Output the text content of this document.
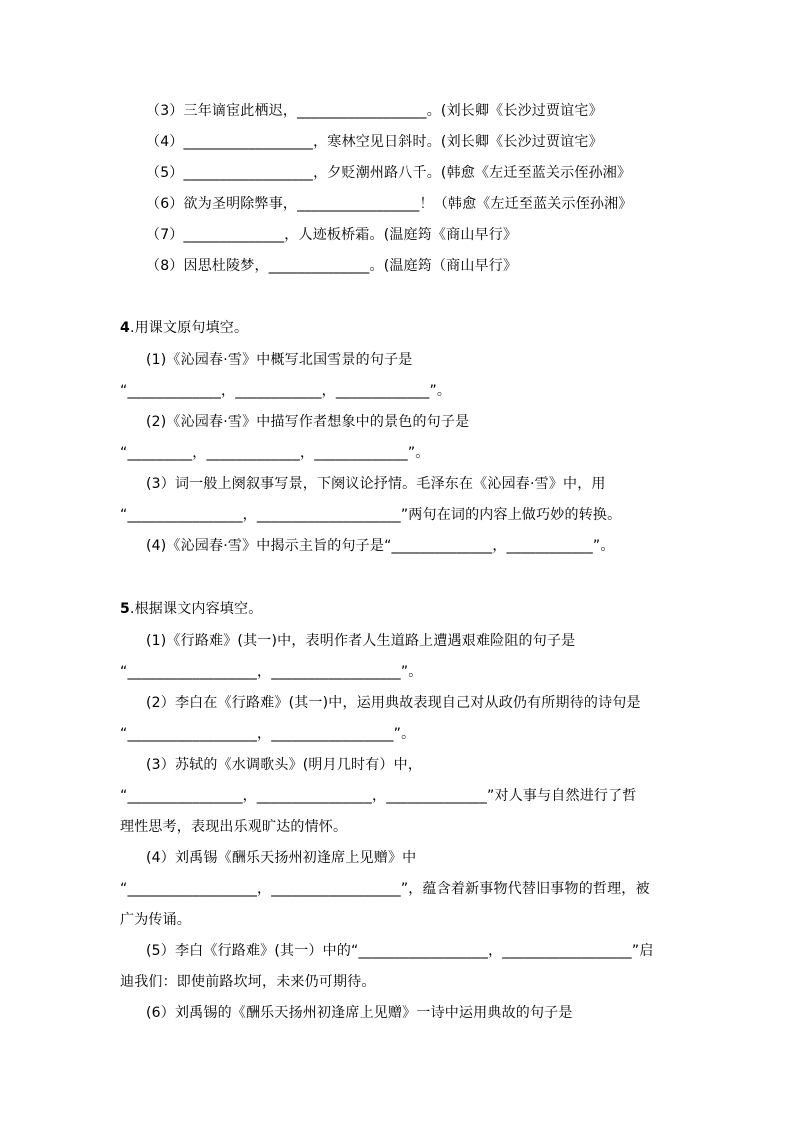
（3）三年谪宦此栖迟，__________________。(刘长卿《长沙过贾谊宅》
（4）__________________，寒林空见日斜时。(刘长卿《长沙过贾谊宅》
（5）__________________，夕贬潮州路八千。(韩愈《左迁至蓝关示侄孙湘》
（6）欲为圣明除弊事，_________________！（韩愈《左迁至蓝关示侄孙湘》
（7）______________，人迹板桥霜。(温庭筠《商山早行》
（8）因思杜陵梦，______________。(温庭筠（商山早行》
4.用课文原句填空。
(1)《沁园春·雪》中概写北国雪景的句子是
“_____________，____________，_____________”。
(2)《沁园春·雪》中描写作者想象中的景色的句子是
“_________，_____________，_____________”。
(3）词一般上阕叙事写景，下阕议论抒情。毛泽东在《沁园春·雪》中，用
“________________，____________________”两句在词的内容上做巧妙的转换。
(4)《沁园春·雪》中揭示主旨的句子是“______________，____________”。
5.根据课文内容填空。
(1)《行路难》(其一)中，表明作者人生道路上遭遇艰难险阻的句子是
“__________________，__________________”。
(2）李白在《行路难》(其一)中，运用典故表现自己对从政仍有所期待的诗句是
“__________________，_________________”。
(3）苏轼的《水调歌头》(明月几时有）中，
“________________，________________，______________”对人事与自然进行了哲
理性思考，表现出乐观旷达的情怀。
(4）刘禹锡《酬乐天扬州初逢席上见赠》中
“__________________，__________________”，蕴含着新事物代替旧事物的哲理，被
广为传诵。
(5）李白《行路难》(其一）中的“__________________，__________________”启
迪我们：即使前路坎坷，未来仍可期待。
(6）刘禹锡的《酬乐天扬州初逢席上见赠》一诗中运用典故的句子是
